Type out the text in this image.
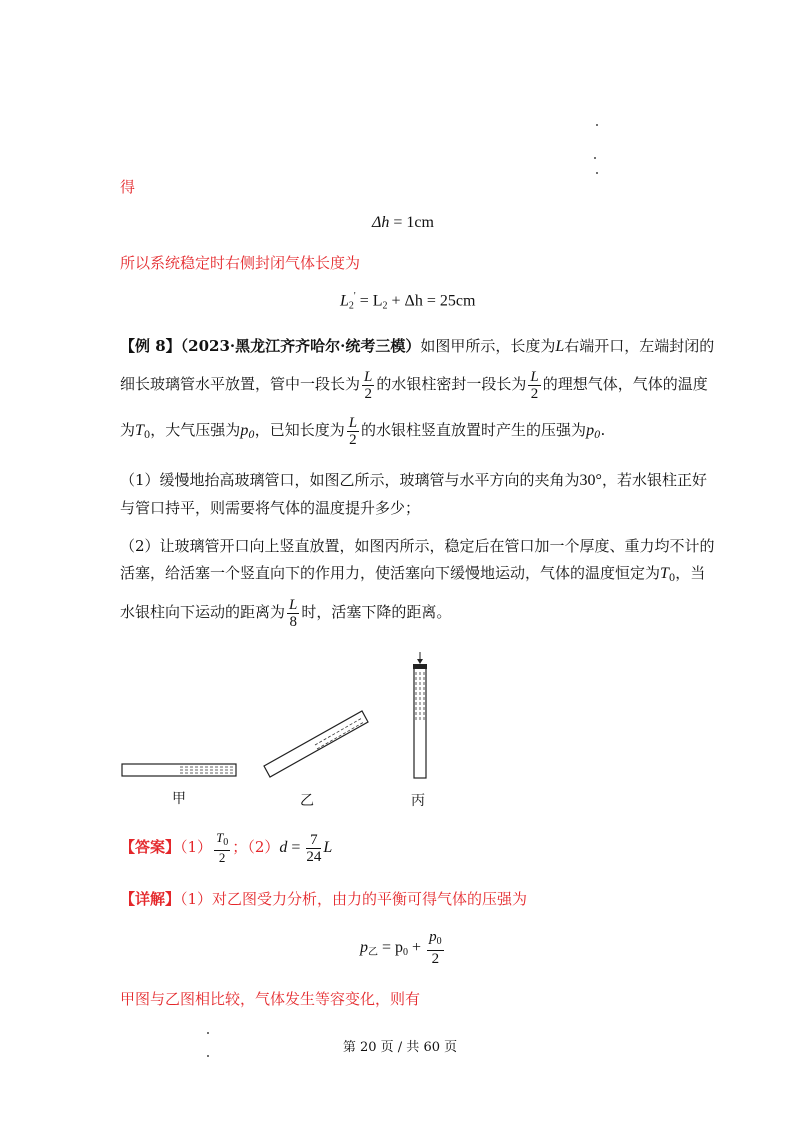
得
Δh = 1cm
所以系统稳定时右侧封闭气体长度为
$L_2' = L_2 + \Delta h = 25cm$
【例 8】（2023·黑龙江齐齐哈尔·统考三模）如图甲所示，长度为L右端开口，左端封闭的
细长玻璃管水平放置，管中一段长为 $\frac{L}{2}$ 的水银柱密封一段长为 $\frac{L}{2}$ 的理想气体，气体的温度
为$T_0$，大气压强为$p_0$，已知长度为 $\frac{L}{2}$ 的水银柱竖直放置时产生的压强为$p_0$.
（1）缓慢地抬高玻璃管口，如图乙所示，玻璃管与水平方向的夹角为30°，若水银柱正好
与管口持平，则需要将气体的温度提升多少；
（2）让玻璃管开口向上竖直放置，如图丙所示，稳定后在管口加一个厚度、重力均不计的
活塞，给活塞一个竖直向下的作用力，使活塞向下缓慢地运动，气体的温度恒定为$T_0$，当
水银柱向下运动的距离为 $\frac{L}{8}$ 时，活塞下降的距离。
甲	乙	丙
【答案】$(1) \frac{T_0}{2}$ ；$(2)d = \frac{7}{24}$ L
【详解】（1）对乙图受力分析，由力的平衡可得气体的压强为
$p_乙 = p_0 + \frac{p_0}{2}$
甲图与乙图相比较，气体发生等容变化，则有
第 20 页 / 共 60 页
